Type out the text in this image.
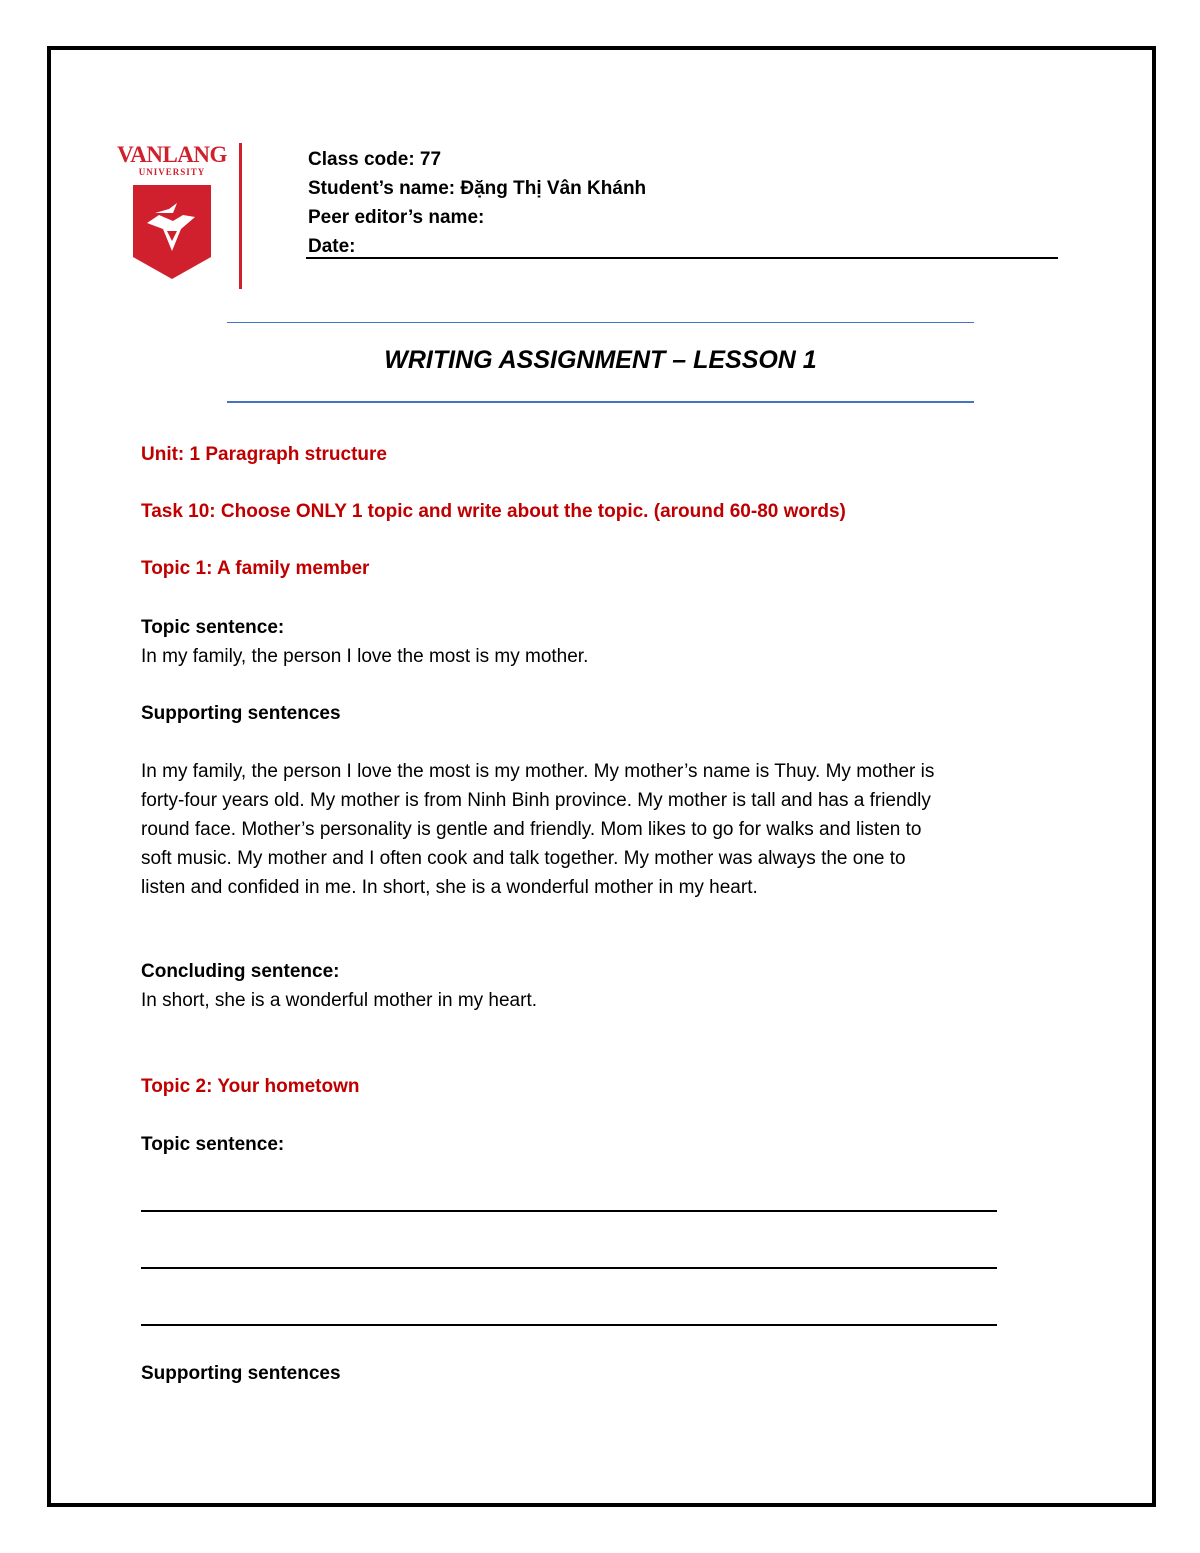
VANLANG
UNIVERSITY
Class code: 77
Student’s name: Đặng Thị Vân Khánh
Peer editor’s name:
Date:
WRITING ASSIGNMENT – LESSON 1
Unit: 1 Paragraph structure
Task 10: Choose ONLY 1 topic and write about the topic. (around 60-80 words)
Topic 1: A family member
Topic sentence:
In my family, the person I love the most is my mother.
Supporting sentences
In my family, the person I love the most is my mother. My mother’s name is Thuy. My mother is
forty-four years old. My mother is from Ninh Binh province. My mother is tall and has a friendly
round face. Mother’s personality is gentle and friendly. Mom likes to go for walks and listen to
soft music. My mother and I often cook and talk together. My mother was always the one to
listen and confided in me. In short, she is a wonderful mother in my heart.
Concluding sentence:
In short, she is a wonderful mother in my heart.
Topic 2: Your hometown
Topic sentence:
Supporting sentences
